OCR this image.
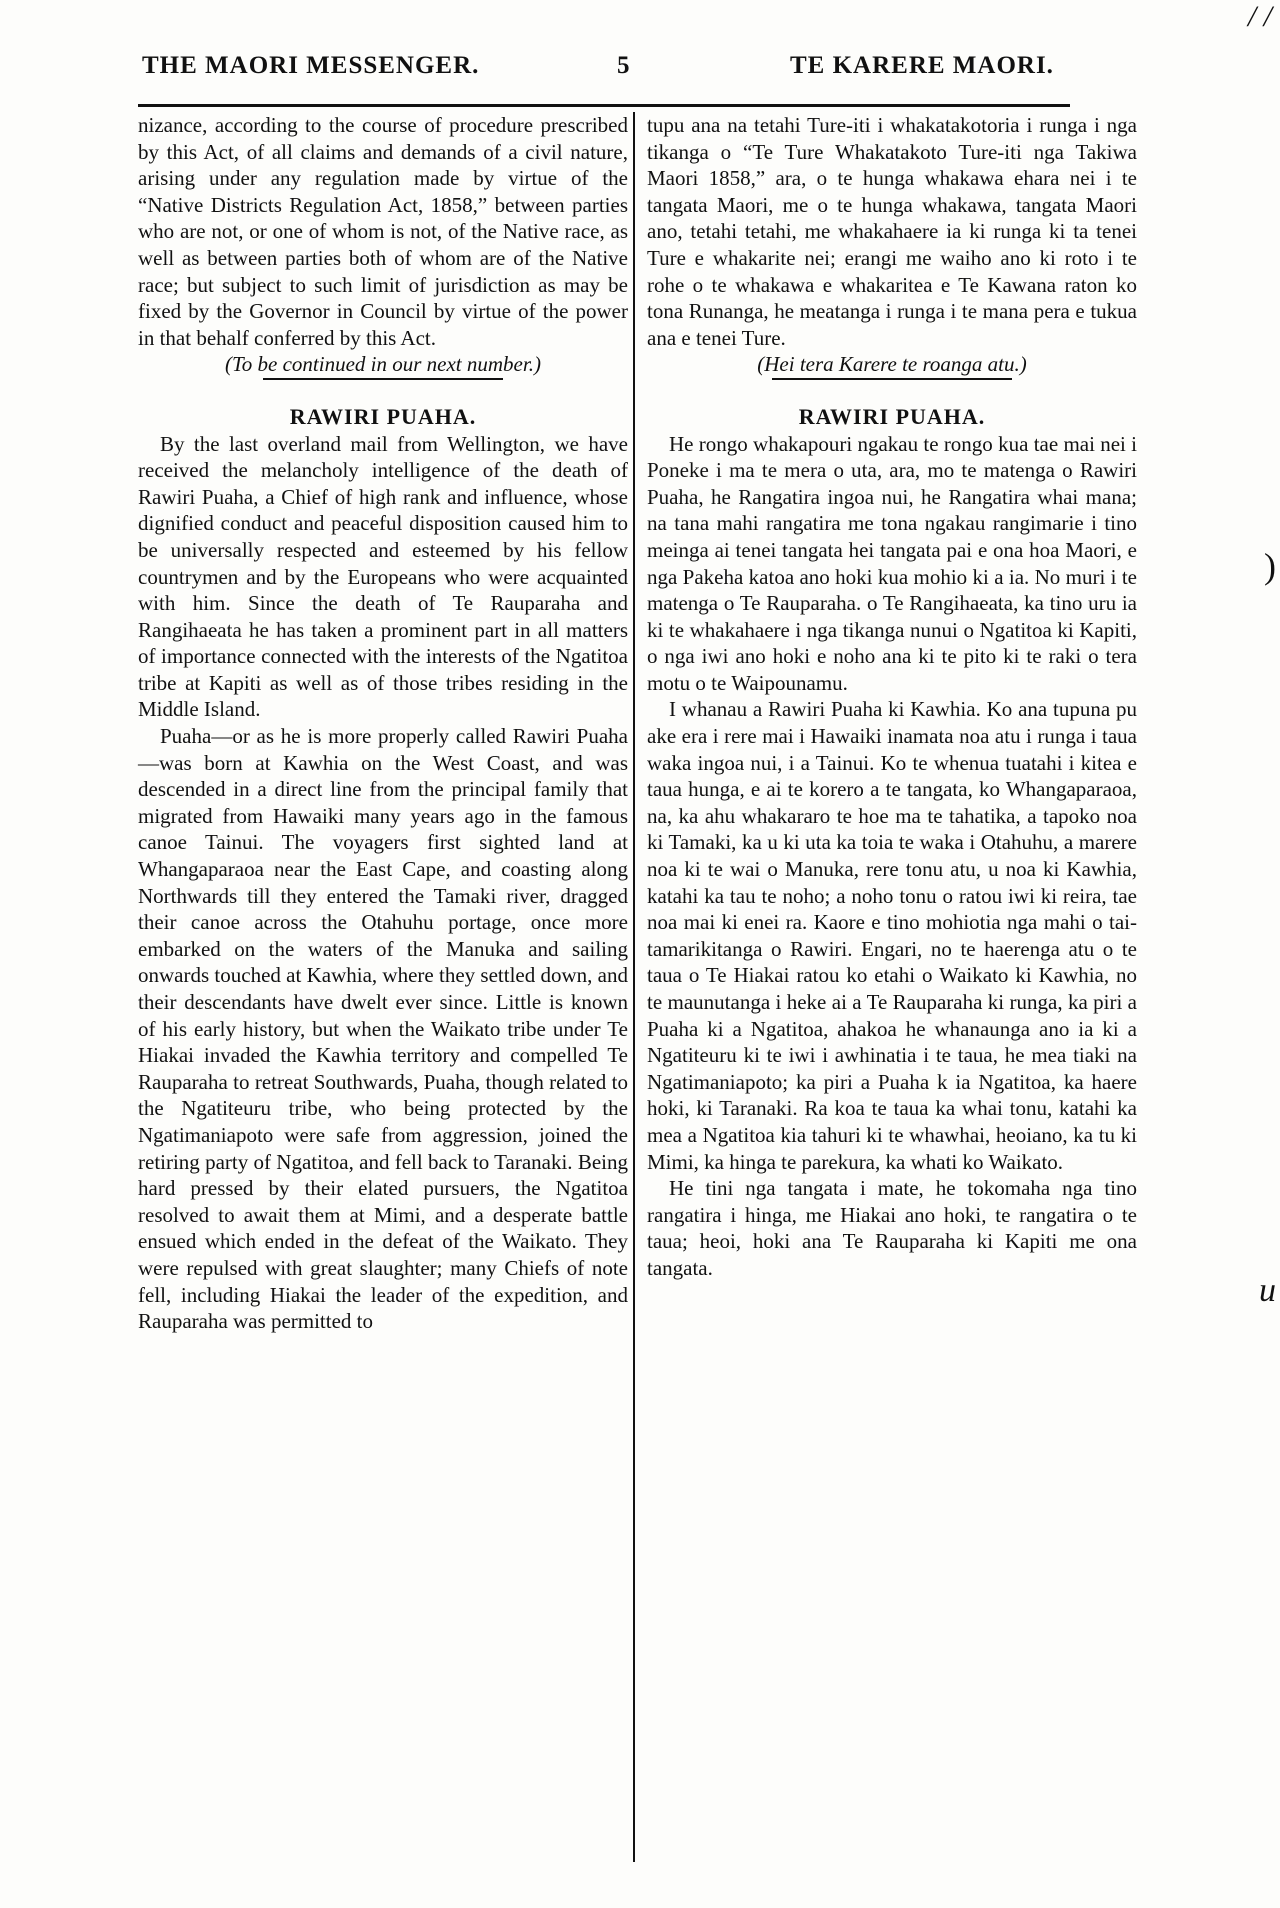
THE MAORI MESSENGER.	5	TE KARERE MAORI.
/ /

nizance, according to the course of procedure prescribed by this Act, of all claims and demands of a civil nature, arising under any regulation made by virtue of the “Native Districts Regulation Act, 1858,” between parties who are not, or one of whom is not, of the Native race, as well as between parties both of whom are of the Native race; but subject to such limit of jurisdiction as may be fixed by the Governor in Council by virtue of the power in that behalf conferred by this Act.

(To be continued in our next number.)

RAWIRI PUAHA.

By the last overland mail from Wellington, we have received the melancholy intelligence of the death of Rawiri Puaha, a Chief of high rank and influence, whose dignified conduct and peaceful disposition caused him to be universally respected and esteemed by his fellow countrymen and by the Europeans who were acquainted with him. Since the death of Te Rauparaha and Rangihaeata he has taken a prominent part in all matters of importance connected with the interests of the Ngatitoa tribe at Kapiti as well as of those tribes residing in the Middle Island.

Puaha—or as he is more properly called Rawiri Puaha—was born at Kawhia on the West Coast, and was descended in a direct line from the principal family that migrated from Hawaiki many years ago in the famous canoe Tainui. The voyagers first sighted land at Whangaparaoa near the East Cape, and coasting along Northwards till they entered the Tamaki river, dragged their canoe across the Otahuhu portage, once more embarked on the waters of the Manuka and sailing onwards touched at Kawhia, where they settled down, and their descendants have dwelt ever since. Little is known of his early history, but when the Waikato tribe under Te Hiakai invaded the Kawhia territory and compelled Te Rauparaha to retreat Southwards, Puaha, though related to the Ngatiteuru tribe, who being protected by the Ngatimaniapoto were safe from aggression, joined the retiring party of Ngatitoa, and fell back to Taranaki. Being hard pressed by their elated pursuers, the Ngatitoa resolved to await them at Mimi, and a desperate battle ensued which ended in the defeat of the Waikato. They were repulsed with great slaughter; many Chiefs of note fell, including Hiakai the leader of the expedition, and Rauparaha was permitted to

tupu ana na tetahi Ture-iti i whakatakotoria i runga i nga tikanga o “Te Ture Whakatakoto Ture-iti nga Takiwa Maori 1858,” ara, o te hunga whakawa ehara nei i te tangata Maori, me o te hunga whakawa, tangata Maori ano, tetahi tetahi, me whakahaere ia ki runga ki ta tenei Ture e whakarite nei; erangi me waiho ano ki roto i te rohe o te whakawa e whakaritea e Te Kawana raton ko tona Runanga, he meatanga i runga i te mana pera e tukua ana e tenei Ture.

(Hei tera Karere te roanga atu.)

RAWIRI PUAHA.

He rongo whakapouri ngakau te rongo kua tae mai nei i Poneke i ma te mera o uta, ara, mo te matenga o Rawiri Puaha, he Rangatira ingoa nui, he Rangatira whai mana; na tana mahi rangatira me tona ngakau rangimarie i tino meinga ai tenei tangata hei tangata pai e ona hoa Maori, e nga Pakeha katoa ano hoki kua mohio ki a ia. No muri i te matenga o Te Rauparaha. o Te Rangihaeata, ka tino uru ia ki te whakahaere i nga tikanga nunui o Ngatitoa ki Kapiti, o nga iwi ano hoki e noho ana ki te pito ki te raki o tera motu o te Waipounamu.

I whanau a Rawiri Puaha ki Kawhia. Ko ana tupuna pu ake era i rere mai i Hawaiki inamata noa atu i runga i taua waka ingoa nui, i a Tainui. Ko te whenua tuatahi i kitea e taua hunga, e ai te korero a te tangata, ko Whangaparaoa, na, ka ahu whakararo te hoe ma te tahatika, a tapoko noa ki Tamaki, ka u ki uta ka toia te waka i Otahuhu, a marere noa ki te wai o Manuka, rere tonu atu, u noa ki Kawhia, katahi ka tau te noho; a noho tonu o ratou iwi ki reira, tae noa mai ki enei ra. Kaore e tino mohiotia nga mahi o tai-tamarikitanga o Rawiri. Engari, no te haerenga atu o te taua o Te Hiakai ratou ko etahi o Waikato ki Kawhia, no te maunutanga i heke ai a Te Rauparaha ki runga, ka piri a Puaha ki a Ngatitoa, ahakoa he whanaunga ano ia ki a Ngatiteuru ki te iwi i awhinatia i te taua, he mea tiaki na Ngatimaniapoto; ka piri a Puaha k ia Ngatitoa, ka haere hoki, ki Taranaki. Ra koa te taua ka whai tonu, katahi ka mea a Ngatitoa kia tahuri ki te whawhai, heoiano, ka tu ki Mimi, ka hinga te parekura, ka whati ko Waikato.

He tini nga tangata i mate, he tokomaha nga tino rangatira i hinga, me Hiakai ano hoki, te rangatira o te taua; heoi, hoki ana Te Rauparaha ki Kapiti me ona tangata.

)
u
